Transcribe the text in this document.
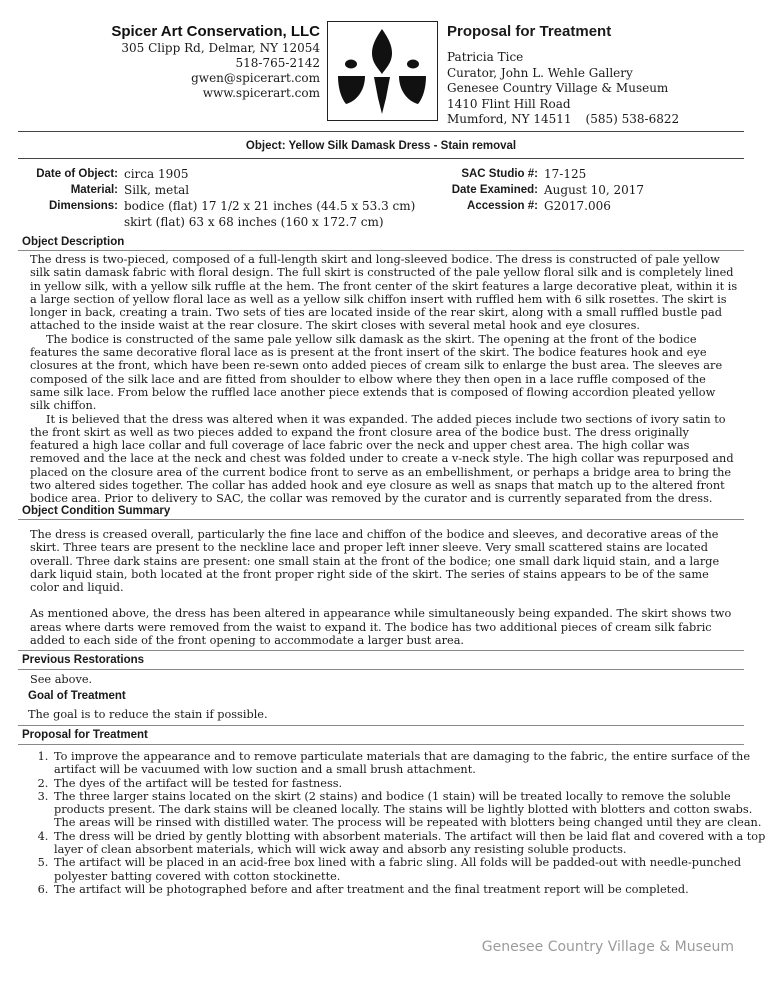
Spicer Art Conservation, LLC
305 Clipp Rd, Delmar, NY 12054
518-765-2142
gwen@spicerart.com
www.spicerart.com
Proposal for Treatment
Patricia Tice
Curator, John L. Wehle Gallery
Genesee Country Village & Museum
1410 Flint Hill Road
Mumford, NY 14511 (585) 538-6822
Object: Yellow Silk Damask Dress - Stain removal
Date of Object: circa 1905
Material: Silk, metal
Dimensions: bodice (flat) 17 1/2 x 21 inches (44.5 x 53.3 cm)
skirt (flat) 63 x 68 inches (160 x 172.7 cm)
SAC Studio #: 17-125
Date Examined: August 10, 2017
Accession #: G2017.006
Object Description

The dress is two-pieced, composed of a full-length skirt and long-sleeved bodice. The dress is constructed of pale yellow silk satin damask fabric with floral design. The full skirt is constructed of the pale yellow floral silk and is completely lined in yellow silk, with a yellow silk ruffle at the hem. The front center of the skirt features a large decorative pleat, within it is a large section of yellow floral lace as well as a yellow silk chiffon insert with ruffled hem with 6 silk rosettes. The skirt is longer in back, creating a train. Two sets of ties are located inside of the rear skirt, along with a small ruffled bustle pad attached to the inside waist at the rear closure. The skirt closes with several metal hook and eye closures.

The bodice is constructed of the same pale yellow silk damask as the skirt. The opening at the front of the bodice features the same decorative floral lace as is present at the front insert of the skirt. The bodice features hook and eye closures at the front, which have been re-sewn onto added pieces of cream silk to enlarge the bust area. The sleeves are composed of the silk lace and are fitted from shoulder to elbow where they then open in a lace ruffle composed of the same silk lace. From below the ruffled lace another piece extends that is composed of flowing accordion pleated yellow silk chiffon.

It is believed that the dress was altered when it was expanded. The added pieces include two sections of ivory satin to the front skirt as well as two pieces added to expand the front closure area of the bodice bust. The dress originally featured a high lace collar and full coverage of lace fabric over the neck and upper chest area. The high collar was removed and the lace at the neck and chest was folded under to create a v-neck style. The high collar was repurposed and placed on the closure area of the current bodice front to serve as an embellishment, or perhaps a bridge area to bring the two altered sides together. The collar has added hook and eye closure as well as snaps that match up to the altered front bodice area. Prior to delivery to SAC, the collar was removed by the curator and is currently separated from the dress.

Object Condition Summary

The dress is creased overall, particularly the fine lace and chiffon of the bodice and sleeves, and decorative areas of the skirt. Three tears are present to the neckline lace and proper left inner sleeve. Very small scattered stains are located overall. Three dark stains are present: one small stain at the front of the bodice; one small dark liquid stain, and a large dark liquid stain, both located at the front proper right side of the skirt. The series of stains appears to be of the same color and liquid.

As mentioned above, the dress has been altered in appearance while simultaneously being expanded. The skirt shows two areas where darts were removed from the waist to expand it. The bodice has two additional pieces of cream silk fabric added to each side of the front opening to accommodate a larger bust area.

Previous Restorations
See above.
Goal of Treatment
The goal is to reduce the stain if possible.
Proposal for Treatment
1. To improve the appearance and to remove particulate materials that are damaging to the fabric, the entire surface of the artifact will be vacuumed with low suction and a small brush attachment.
2. The dyes of the artifact will be tested for fastness.
3. The three larger stains located on the skirt (2 stains) and bodice (1 stain) will be treated locally to remove the soluble products present. The dark stains will be cleaned locally. The stains will be lightly blotted with blotters and cotton swabs. The areas will be rinsed with distilled water. The process will be repeated with blotters being changed until they are clean.
4. The dress will be dried by gently blotting with absorbent materials. The artifact will then be laid flat and covered with a top layer of clean absorbent materials, which will wick away and absorb any resisting soluble products.
5. The artifact will be placed in an acid-free box lined with a fabric sling. All folds will be padded-out with needle-punched polyester batting covered with cotton stockinette.
6. The artifact will be photographed before and after treatment and the final treatment report will be completed.
Genesee Country Village & Museum
